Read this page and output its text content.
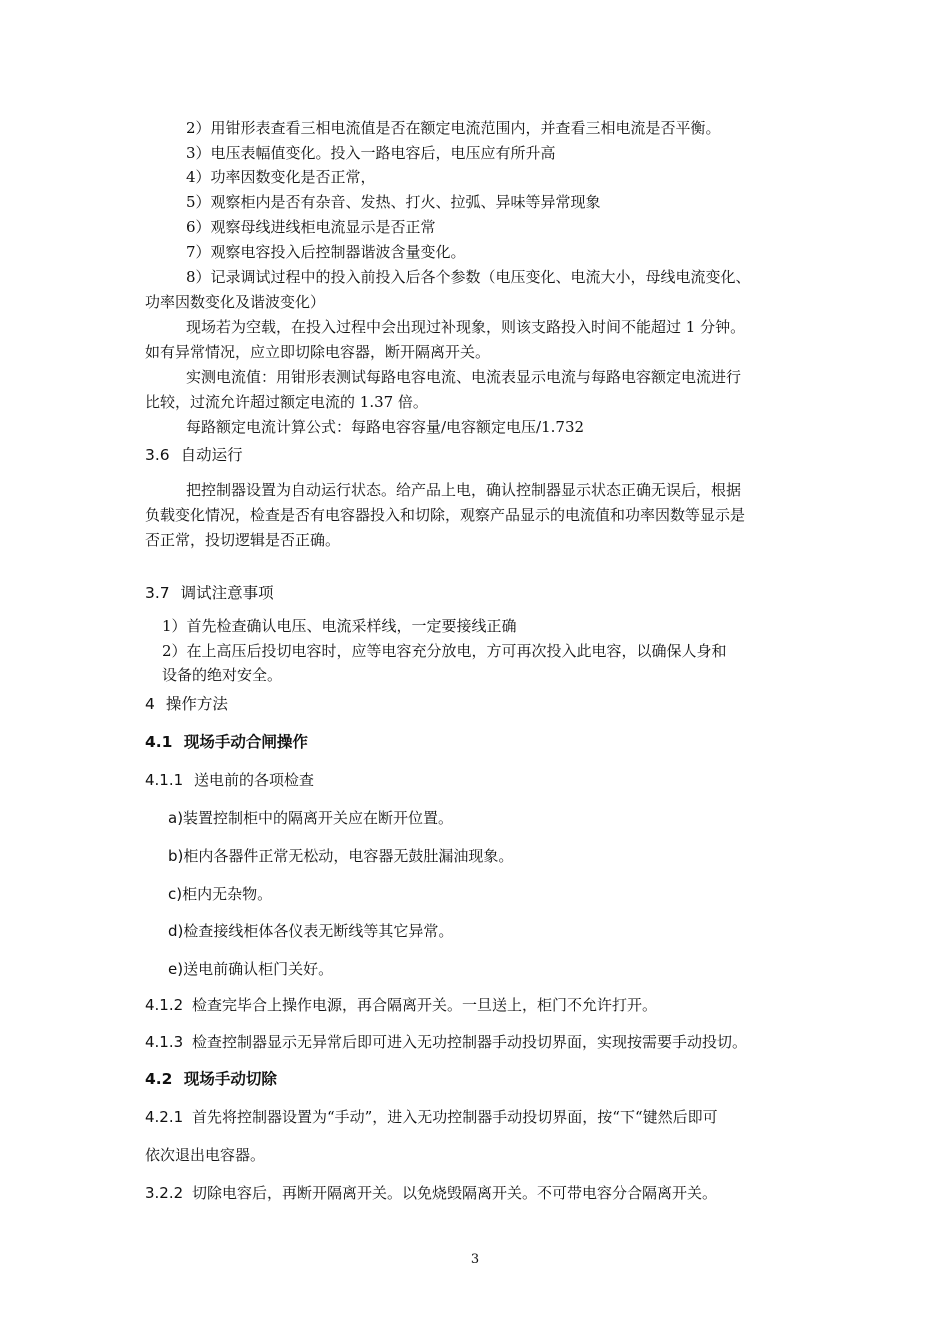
2）用钳形表查看三相电流值是否在额定电流范围内，并查看三相电流是否平衡。
3）电压表幅值变化。投入一路电容后，电压应有所升高
4）功率因数变化是否正常，
5）观察柜内是否有杂音、发热、打火、拉弧、异味等异常现象
6）观察母线进线柜电流显示是否正常
7）观察电容投入后控制器谐波含量变化。
8）记录调试过程中的投入前投入后各个参数（电压变化、电流大小，母线电流变化、
功率因数变化及谐波变化）
现场若为空载，在投入过程中会出现过补现象，则该支路投入时间不能超过 1 分钟。
如有异常情况，应立即切除电容器，断开隔离开关。
实测电流值：用钳形表测试每路电容电流、电流表显示电流与每路电容额定电流进行
比较，过流允许超过额定电流的 1.37 倍。
每路额定电流计算公式：每路电容容量/电容额定电压/1.732
3.6 自动运行
把控制器设置为自动运行状态。给产品上电，确认控制器显示状态正确无误后，根据
负载变化情况，检查是否有电容器投入和切除，观察产品显示的电流值和功率因数等显示是
否正常，投切逻辑是否正确。
3.7 调试注意事项
1）首先检查确认电压、电流采样线，一定要接线正确
2）在上高压后投切电容时，应等电容充分放电，方可再次投入此电容，以确保人身和
设备的绝对安全。
4 操作方法
4.1 现场手动合闸操作
4.1.1 送电前的各项检查
a)装置控制柜中的隔离开关应在断开位置。
b)柜内各器件正常无松动，电容器无鼓肚漏油现象。
c)柜内无杂物。
d)检查接线柜体各仪表无断线等其它异常。
e)送电前确认柜门关好。
4.1.2 检查完毕合上操作电源，再合隔离开关。一旦送上，柜门不允许打开。
4.1.3 检查控制器显示无异常后即可进入无功控制器手动投切界面，实现按需要手动投切。
4.2 现场手动切除
4.2.1 首先将控制器设置为“手动”，进入无功控制器手动投切界面，按“下“键然后即可
依次退出电容器。
3.2.2 切除电容后，再断开隔离开关。以免烧毁隔离开关。不可带电容分合隔离开关。
3
